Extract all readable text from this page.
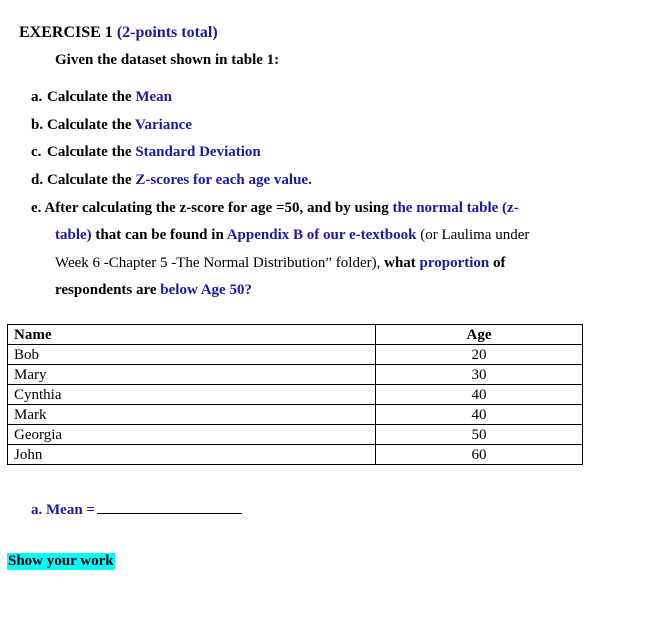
EXERCISE 1 (2-points total)
Given the dataset shown in table 1:
a. Calculate the Mean
b. Calculate the Variance
c. Calculate the Standard Deviation
d. Calculate the Z-scores for each age value.
e. After calculating the z-score for age =50, and by using the normal table (z-
table) that can be found in Appendix B of our e-textbook (or Laulima under
Week 6 -Chapter 5 -The Normal Distribution” folder), what proportion of
respondents are below Age 50?
Name	Age
Bob	20
Mary	30
Cynthia	40
Mark	40
Georgia	50
John	60
a. Mean =
Show your work
